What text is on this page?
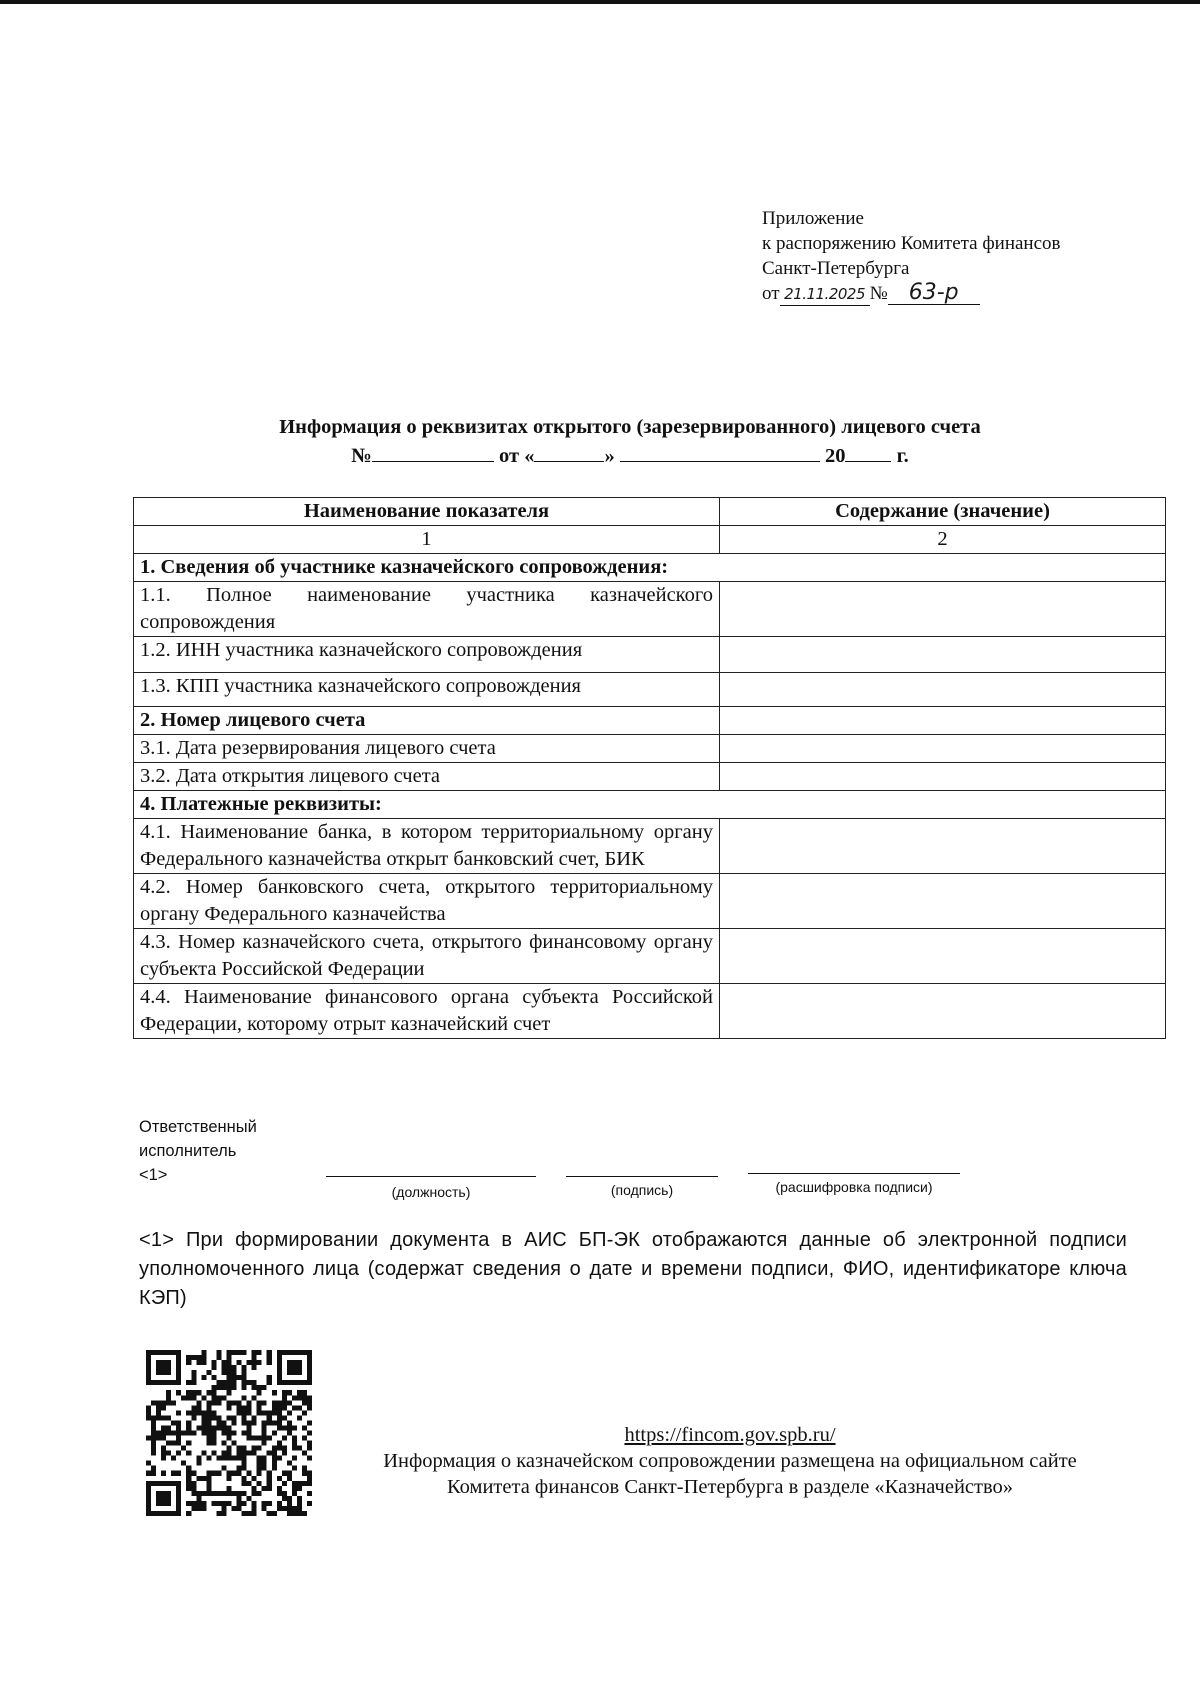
Приложение
к распоряжению Комитета финансов
Санкт-Петербурга
от 21.11.2025 № 63-р
Информация о реквизитах открытого (зарезервированного) лицевого счета
№	от «	»	20 г.
Наименование показателя	Содержание (значение)
1	2
1. Сведения об участнике казначейского сопровождения:	
1.1. Полное наименование участника казначейского сопровождения	
1.2. ИНН участника казначейского сопровождения	
1.3. КПП участника казначейского сопровождения	
2. Номер лицевого счета	
3.1. Дата резервирования лицевого счета	
3.2. Дата открытия лицевого счета	
4. Платежные реквизиты:	
4.1. Наименование банка, в котором территориальному органу Федерального казначейства открыт банковский счет, БИК	
4.2. Номер банковского счета, открытого территориальному органу Федерального казначейства	
4.3. Номер казначейского счета, открытого финансовому органу субъекта Российской Федерации	
4.4. Наименование финансового органа субъекта Российской Федерации, которому отрыт казначейский счет	
Ответственный
исполнитель
<1>
(должность)	(подпись)	(расшифровка подписи)
<1> При формировании документа в АИС БП-ЭК отображаются данные об электронной подписи уполномоченного лица (содержат сведения о дате и времени подписи, ФИО, идентификаторе ключа КЭП)
https://fincom.gov.spb.ru/
Информация о казначейском сопровождении размещена на официальном сайте
Комитета финансов Санкт-Петербурга в разделе «Казначейство»
